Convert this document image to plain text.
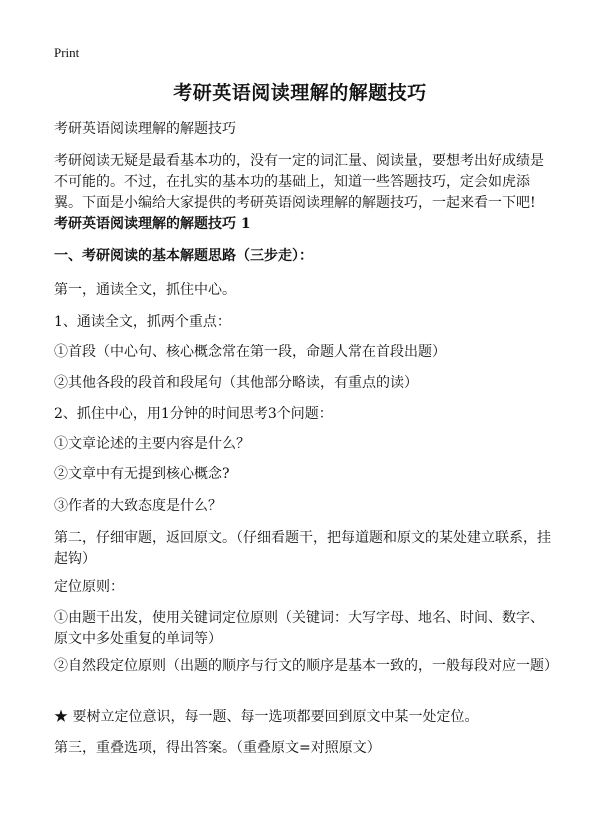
Print
考研英语阅读理解的解题技巧

考研英语阅读理解的解题技巧

考研阅读无疑是最看基本功的，没有一定的词汇量、阅读量，要想考出好成绩是不可能的。不过，在扎实的基本功的基础上，知道一些答题技巧，定会如虎添翼。下面是小编给大家提供的考研英语阅读理解的解题技巧，一起来看一下吧!

考研英语阅读理解的解题技巧 1

一、考研阅读的基本解题思路（三步走）：

第一，通读全文，抓住中心。

1、通读全文，抓两个重点：

①首段（中心句、核心概念常在第一段，命题人常在首段出题）

②其他各段的段首和段尾句（其他部分略读，有重点的读）

2、抓住中心，用1分钟的时间思考3个问题：

①文章论述的主要内容是什么？

②文章中有无提到核心概念?

③作者的大致态度是什么？

第二，仔细审题，返回原文。（仔细看题干，把每道题和原文的某处建立联系，挂起钩）

定位原则：

①由题干出发，使用关键词定位原则（关键词：大写字母、地名、时间、数字、原文中多处重复的单词等）

②自然段定位原则（出题的顺序与行文的顺序是基本一致的，一般每段对应一题）

★ 要树立定位意识，每一题、每一选项都要回到原文中某一处定位。

第三，重叠选项，得出答案。（重叠原文=对照原文）
